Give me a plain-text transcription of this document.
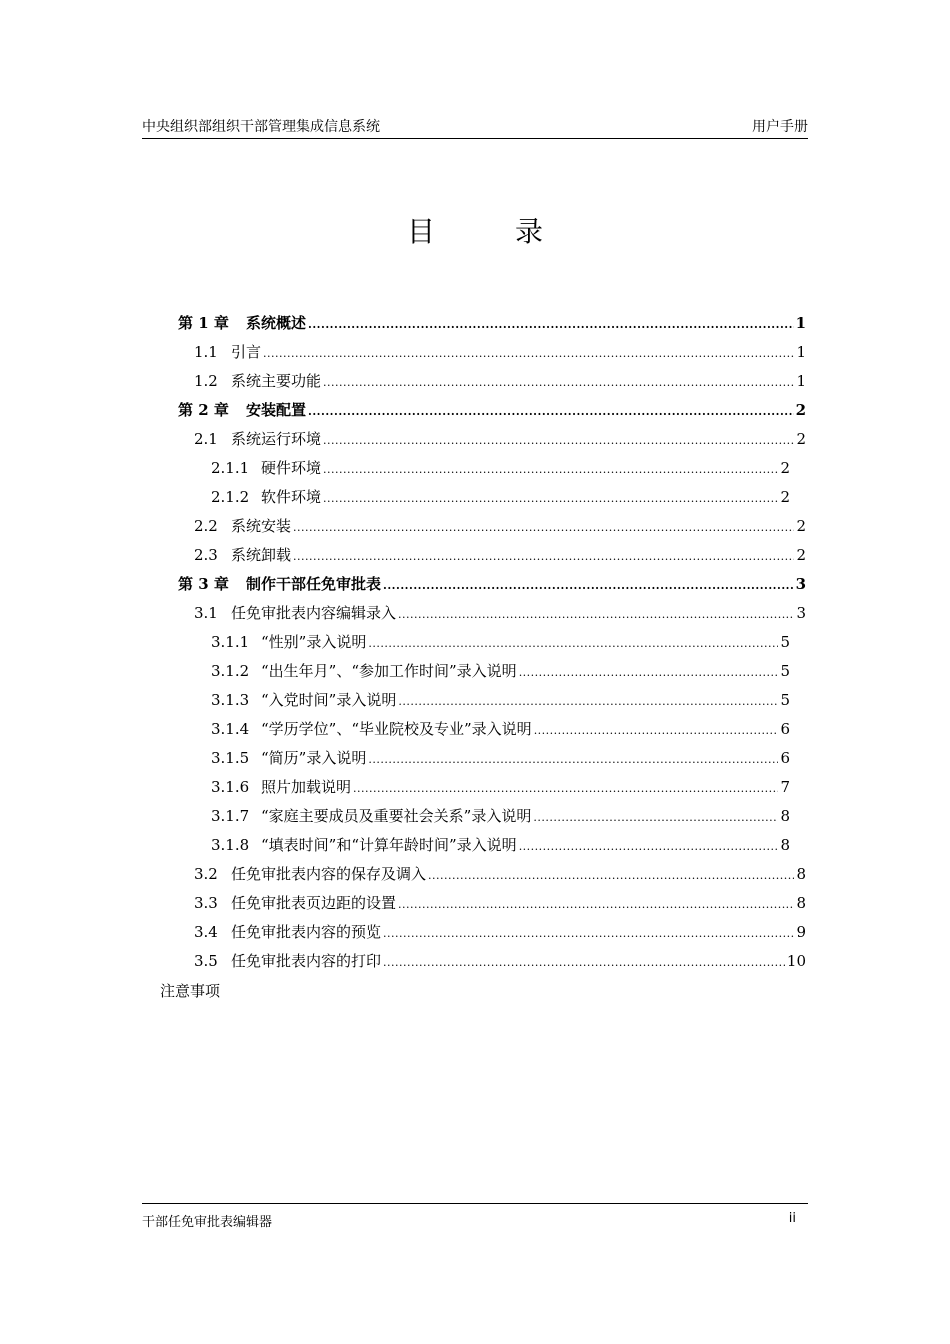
中央组织部组织干部管理集成信息系统	用户手册
目录
第 1 章	系统概述 .....	1
1.1 引言 .....	1
1.2 系统主要功能 .....	1
第 2 章	安装配置 .....	2
2.1 系统运行环境 .....	2
2.1.1 硬件环境 .....	2
2.1.2 软件环境 .....	2
2.2 系统安装 .....	2
2.3 系统卸载 .....	2
第 3 章	制作干部任免审批表 .....	3
3.1 任免审批表内容编辑录入 .....	3
3.1.1 “性别”录入说明 .....	5
3.1.2 “出生年月”、“参加工作时间”录入说明 .....	5
3.1.3 “入党时间”录入说明 .....	5
3.1.4 “学历学位”、“毕业院校及专业”录入说明 .....	6
3.1.5 “简历”录入说明 .....	6
3.1.6 照片加载说明 .....	7
3.1.7 “家庭主要成员及重要社会关系”录入说明 .....	8
3.1.8 “填表时间”和“计算年龄时间”录入说明 .....	8
3.2 任免审批表内容的保存及调入 .....	8
3.3 任免审批表页边距的设置 .....	8
3.4 任免审批表内容的预览 .....	9
3.5 任免审批表内容的打印 .....	10
注意事项
干部任免审批表编辑器	ii
